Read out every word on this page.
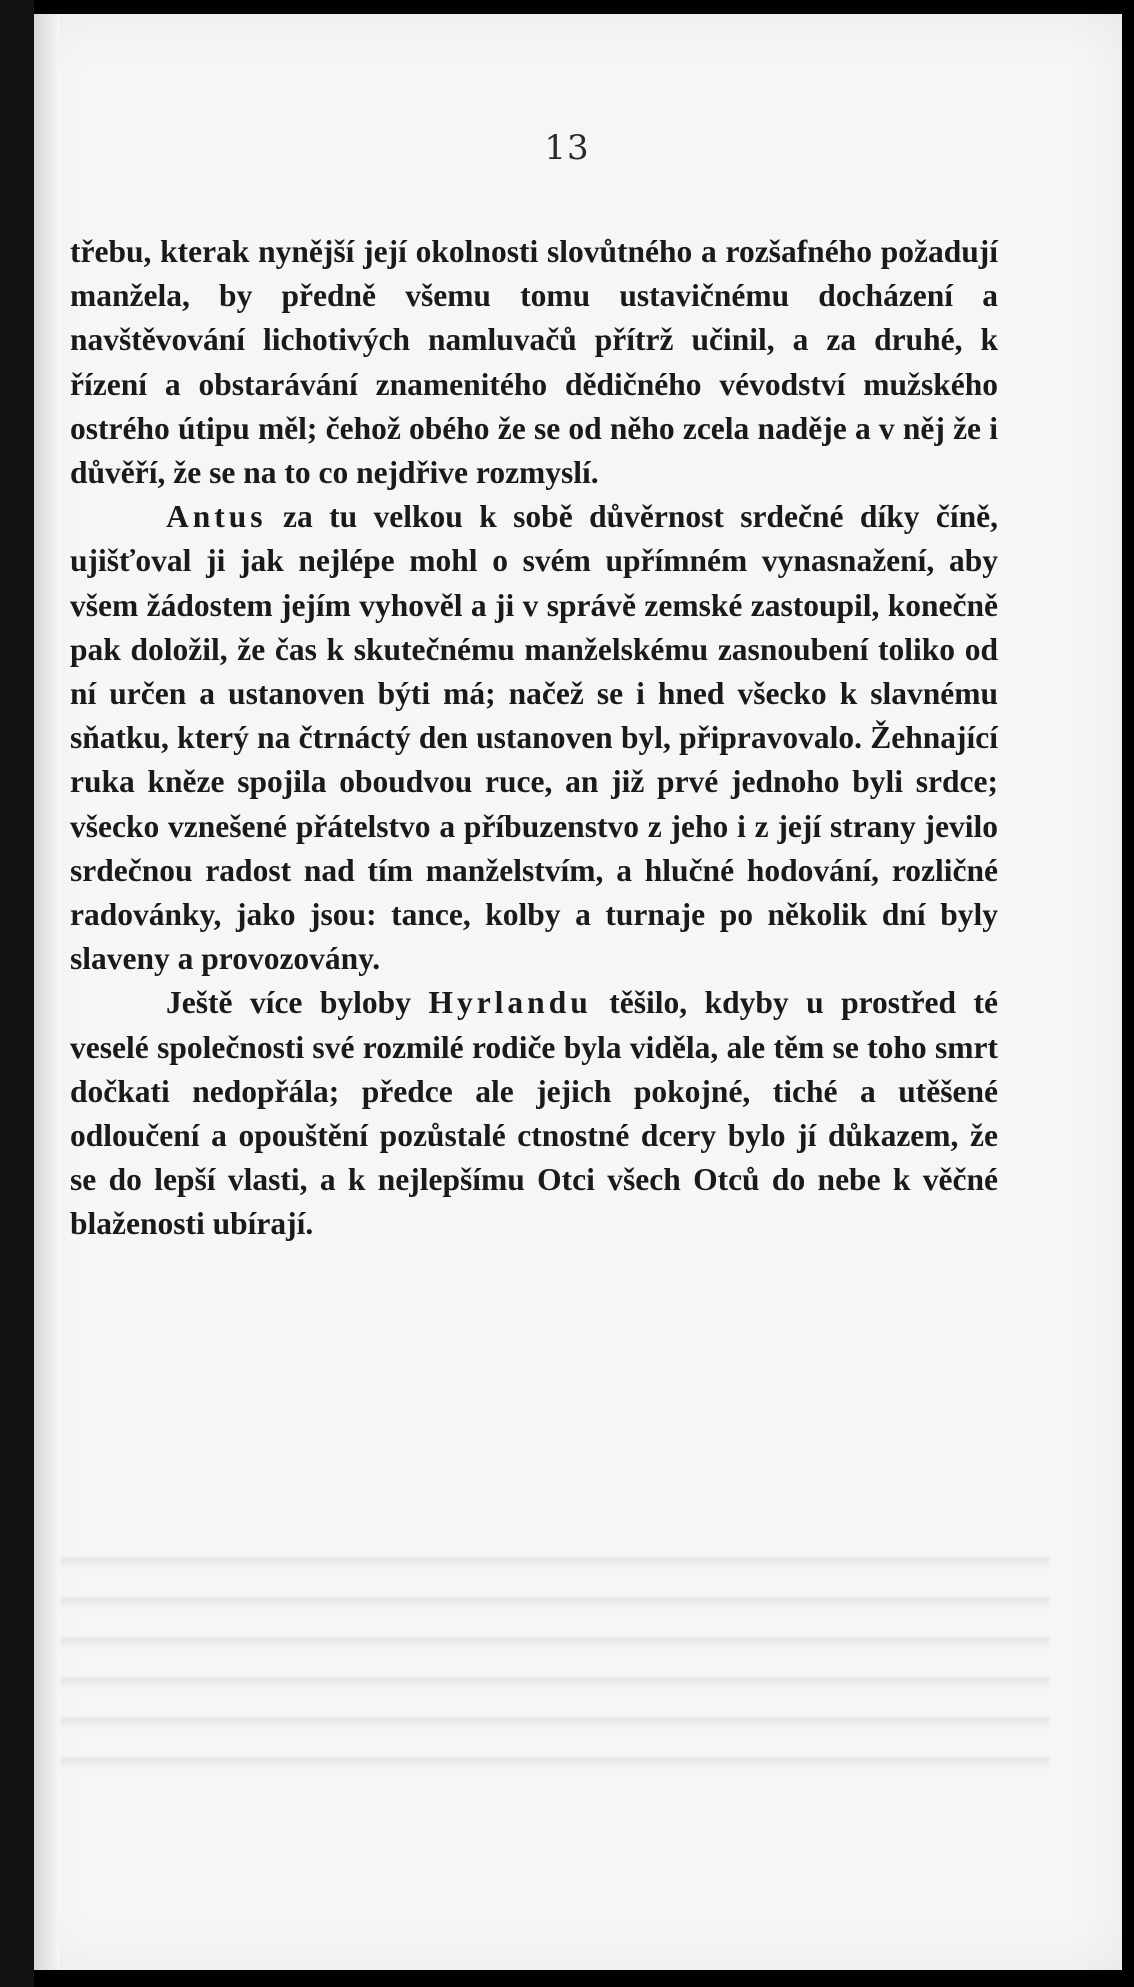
13

třebu, kterak nynější její okolnosti slovůtného a rozšafného požadují manžela, by předně všemu tomu ustavičnému docházení a navštěvování lichotivých namluvačů přítrž učinil, a za druhé, k řízení a obstarávání znamenitého dědičného vévodství mužského ostrého útipu měl; čehož obého že se od něho zcela naděje a v něj že i důvěří, že se na to co nejdřive rozmyslí.

Antus za tu velkou k sobě důvěrnost srdečné díky číně, ujišťoval ji jak nejlépe mohl o svém upřímném vynasnažení, aby všem žádostem jejím vyhověl a ji v správě zemské zastoupil, konečně pak doložil, že čas k skutečnému manželskému zasnoubení toliko od ní určen a ustanoven býti má; načež se i hned všecko k slavnému sňatku, který na čtrnáctý den ustanoven byl, připravovalo. Žehnající ruka kněze spojila oboudvou ruce, an již prvé jednoho byli srdce; všecko vznešené přátelstvo a příbuzenstvo z jeho i z její strany jevilo srdečnou radost nad tím manželstvím, a hlučné hodování, rozličné radovánky, jako jsou: tance, kolby a turnaje po několik dní byly slaveny a provozovány.

Ještě více byloby Hyrlandu těšilo, kdyby u prostřed té veselé společnosti své rozmilé rodiče byla viděla, ale těm se toho smrt dočkati nedopřála; předce ale jejich pokojné, tiché a utěšené odloučení a opouštění pozůstalé ctnostné dcery bylo jí důkazem, že se do lepší vlasti, a k nejlepšímu Otci všech Otců do nebe k věčné blaženosti ubírají.
